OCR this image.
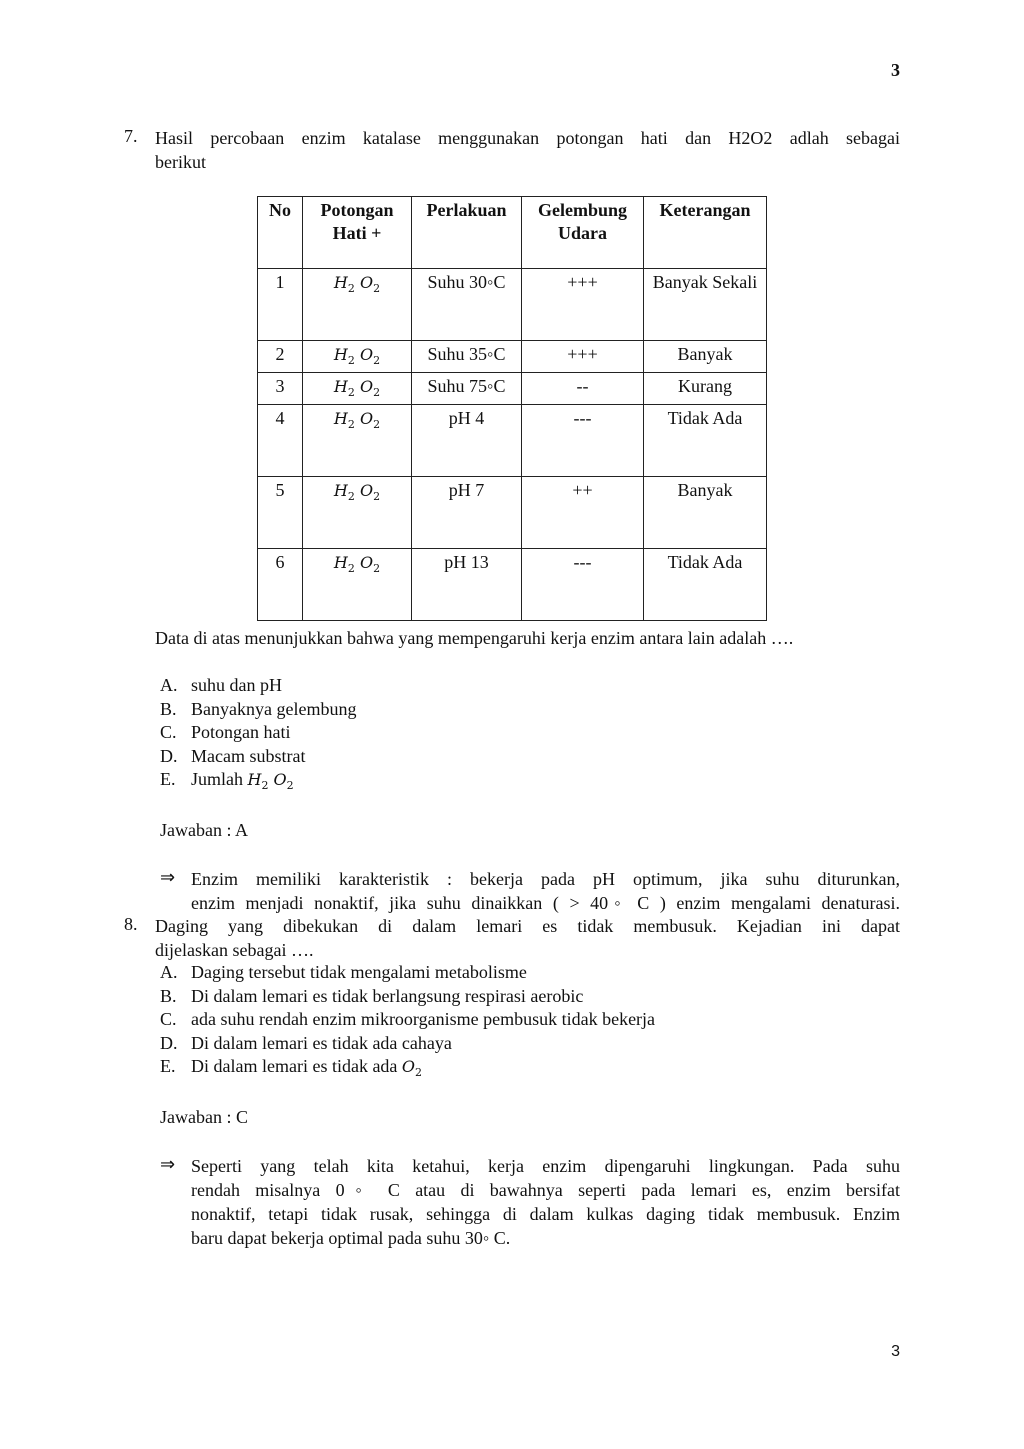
3
7. Hasil percobaan enzim katalase menggunakan potongan hati dan H2O2 adlah sebagai
berikut
No	Potongan Hati +	Perlakuan	Gelembung Udara	Keterangan
1	$H_2$ $O_2$	Suhu 30◦C	+++	Banyak Sekali
2	$H_2$ $O_2$	Suhu 35◦C	+++	Banyak
3	$H_2$ $O_2$	Suhu 75◦C	--	Kurang
4	$H_2$ $O_2$	pH 4	---	Tidak Ada
5	$H_2$ $O_2$	pH 7	++	Banyak
6	$H_2$ $O_2$	pH 13	---	Tidak Ada
Data di atas menunjukkan bahwa yang mempengaruhi kerja enzim antara lain adalah ….
A. suhu dan pH
B. Banyaknya gelembung
C. Potongan hati
D. Macam substrat
E. Jumlah $H_2$ $O_2$
Jawaban : A
⇒ Enzim memiliki karakteristik : bekerja pada pH optimum, jika suhu diturunkan,
enzim menjadi nonaktif, jika suhu dinaikkan ( > 40◦ C ) enzim mengalami denaturasi.
8. Daging yang dibekukan di dalam lemari es tidak membusuk. Kejadian ini dapat
dijelaskan sebagai ….
A. Daging tersebut tidak mengalami metabolisme
B. Di dalam lemari es tidak berlangsung respirasi aerobic
C. ada suhu rendah enzim mikroorganisme pembusuk tidak bekerja
D. Di dalam lemari es tidak ada cahaya
E. Di dalam lemari es tidak ada $O_2$
Jawaban : C
⇒ Seperti yang telah kita ketahui, kerja enzim dipengaruhi lingkungan. Pada suhu
rendah misalnya 0◦ C atau di bawahnya seperti pada lemari es, enzim bersifat
nonaktif, tetapi tidak rusak, sehingga di dalam kulkas daging tidak membusuk. Enzim
baru dapat bekerja optimal pada suhu 30◦ C.
3
